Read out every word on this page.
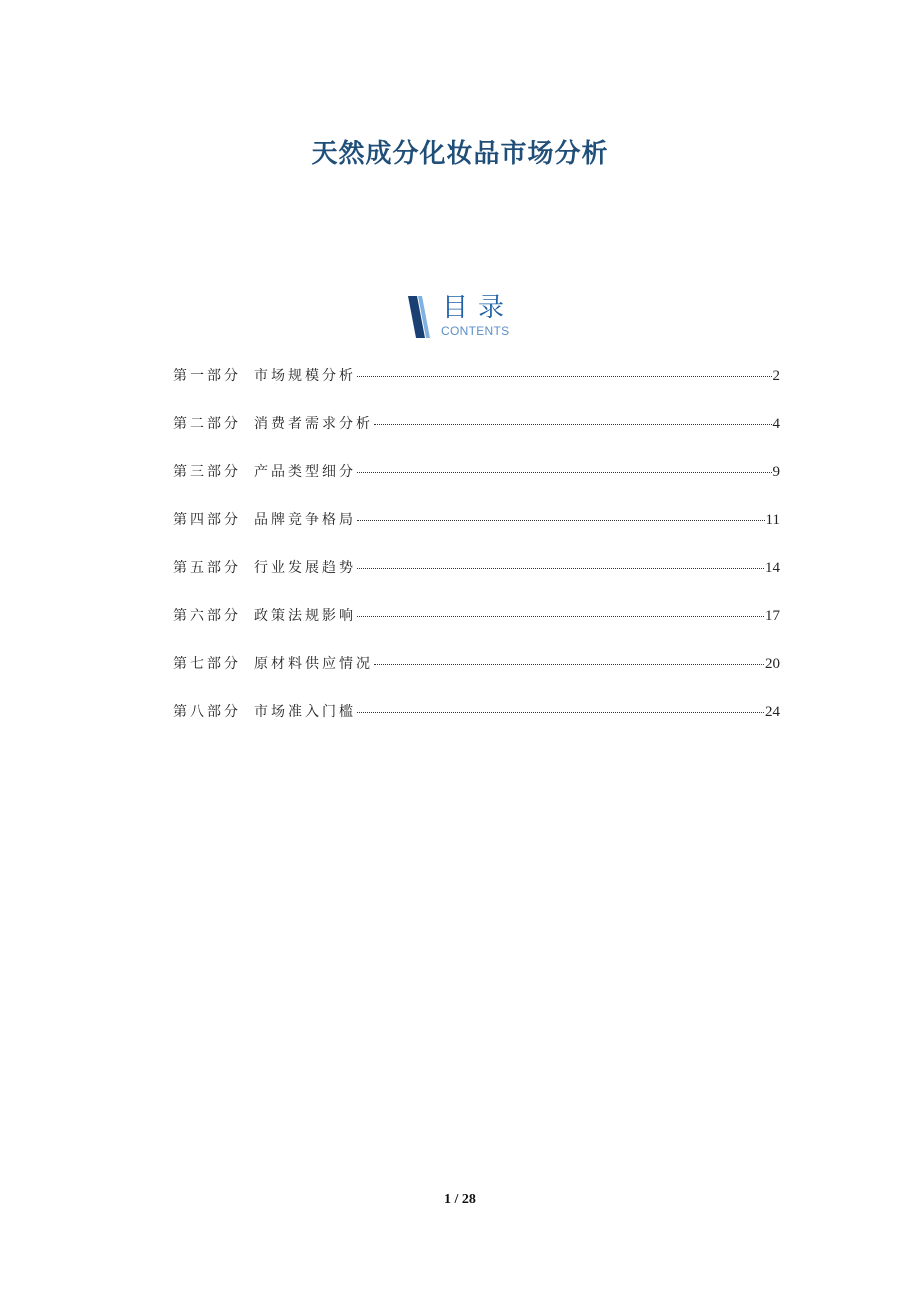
天然成分化妆品市场分析
目录
CONTENTS
第一部分 市场规模分析	2
第二部分 消费者需求分析	4
第三部分 产品类型细分	9
第四部分 品牌竞争格局	11
第五部分 行业发展趋势	14
第六部分 政策法规影响	17
第七部分 原材料供应情况	20
第八部分 市场准入门槛	24
1 / 28
